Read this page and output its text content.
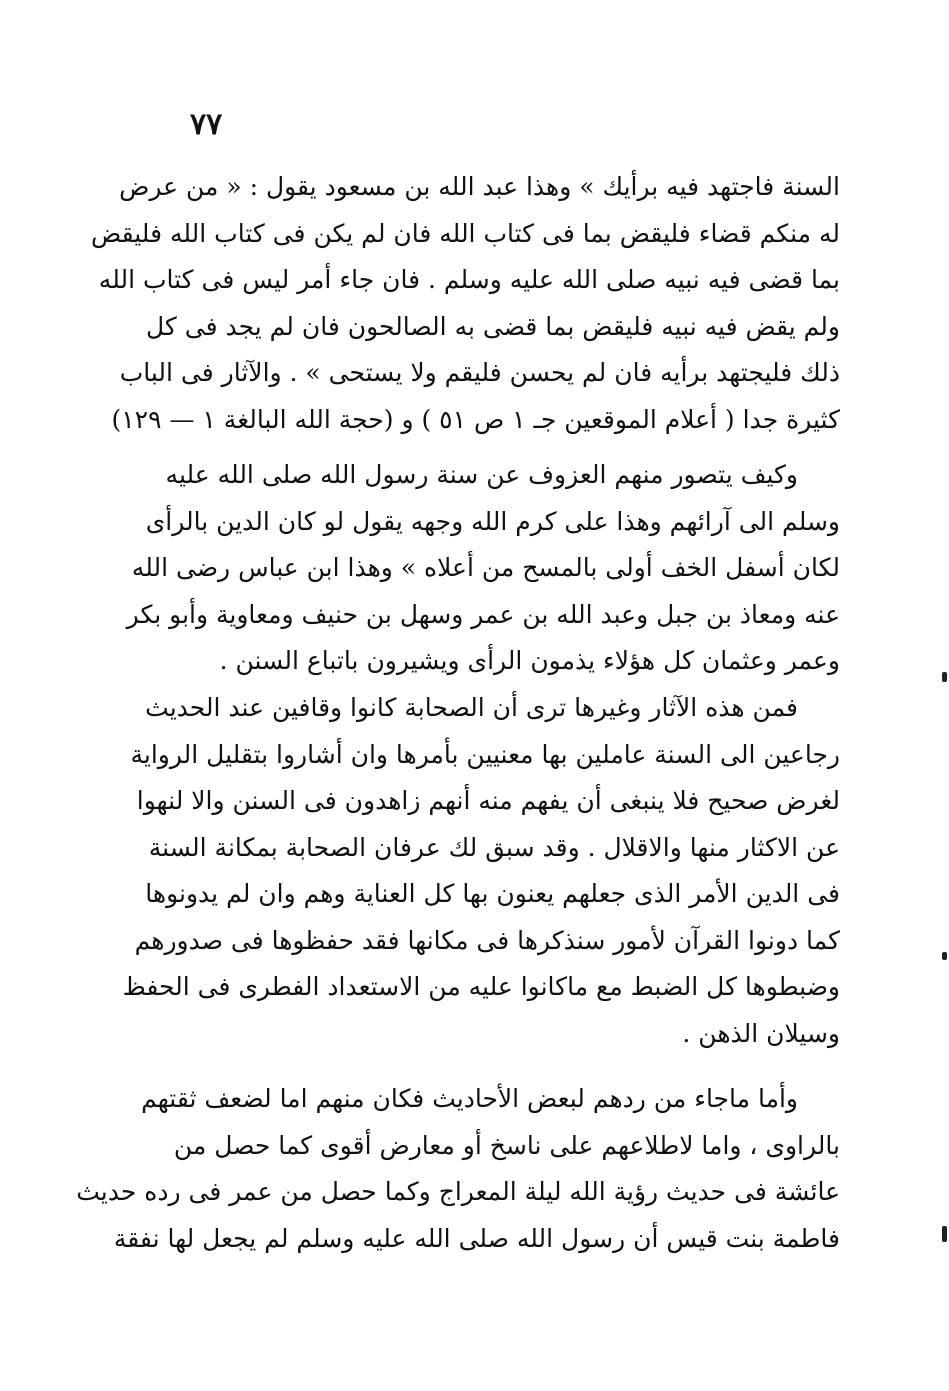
٧٧
السنة فاجتهد فيه برأيك » وهذا عبد الله بن مسعود يقول : « من عرض
له منكم قضاء فليقض بما فى كتاب الله فان لم يكن فى كتاب الله فليقض
بما قضى فيه نبيه صلى الله عليه وسلم . فان جاء أمر ليس فى كتاب الله
ولم يقض فيه نبيه فليقض بما قضى به الصالحون فان لم يجد فى كل
ذلك فليجتهد برأيه فان لم يحسن فليقم ولا يستحى » . والآثار فى الباب
كثيرة جدا ( أعلام الموقعين جـ ١ ص ٥١ ) و (حجة الله البالغة ١ — ١٢٩)
وكيف يتصور منهم العزوف عن سنة رسول الله صلى الله عليه
وسلم الى آرائهم وهذا على كرم الله وجهه يقول لو كان الدين بالرأى
لكان أسفل الخف أولى بالمسح من أعلاه » وهذا ابن عباس رضى الله
عنه ومعاذ بن جبل وعبد الله بن عمر وسهل بن حنيف ومعاوية وأبو بكر
وعمر وعثمان كل هؤلاء يذمون الرأى ويشيرون باتباع السنن .
فمن هذه الآثار وغيرها ترى أن الصحابة كانوا وقافين عند الحديث
رجاعين الى السنة عاملين بها معنيين بأمرها وان أشاروا بتقليل الرواية
لغرض صحيح فلا ينبغى أن يفهم منه أنهم زاهدون فى السنن والا لنهوا
عن الاكثار منها والاقلال . وقد سبق لك عرفان الصحابة بمكانة السنة
فى الدين الأمر الذى جعلهم يعنون بها كل العناية وهم وان لم يدونوها
كما دونوا القرآن لأمور سنذكرها فى مكانها فقد حفظوها فى صدورهم
وضبطوها كل الضبط مع ماكانوا عليه من الاستعداد الفطرى فى الحفظ
وسيلان الذهن .
وأما ماجاء من ردهم لبعض الأحاديث فكان منهم اما لضعف ثقتهم
بالراوى ، واما لاطلاعهم على ناسخ أو معارض أقوى كما حصل من
عائشة فى حديث رؤية الله ليلة المعراج وكما حصل من عمر فى رده حديث
فاطمة بنت قيس أن رسول الله صلى الله عليه وسلم لم يجعل لها نفقة
